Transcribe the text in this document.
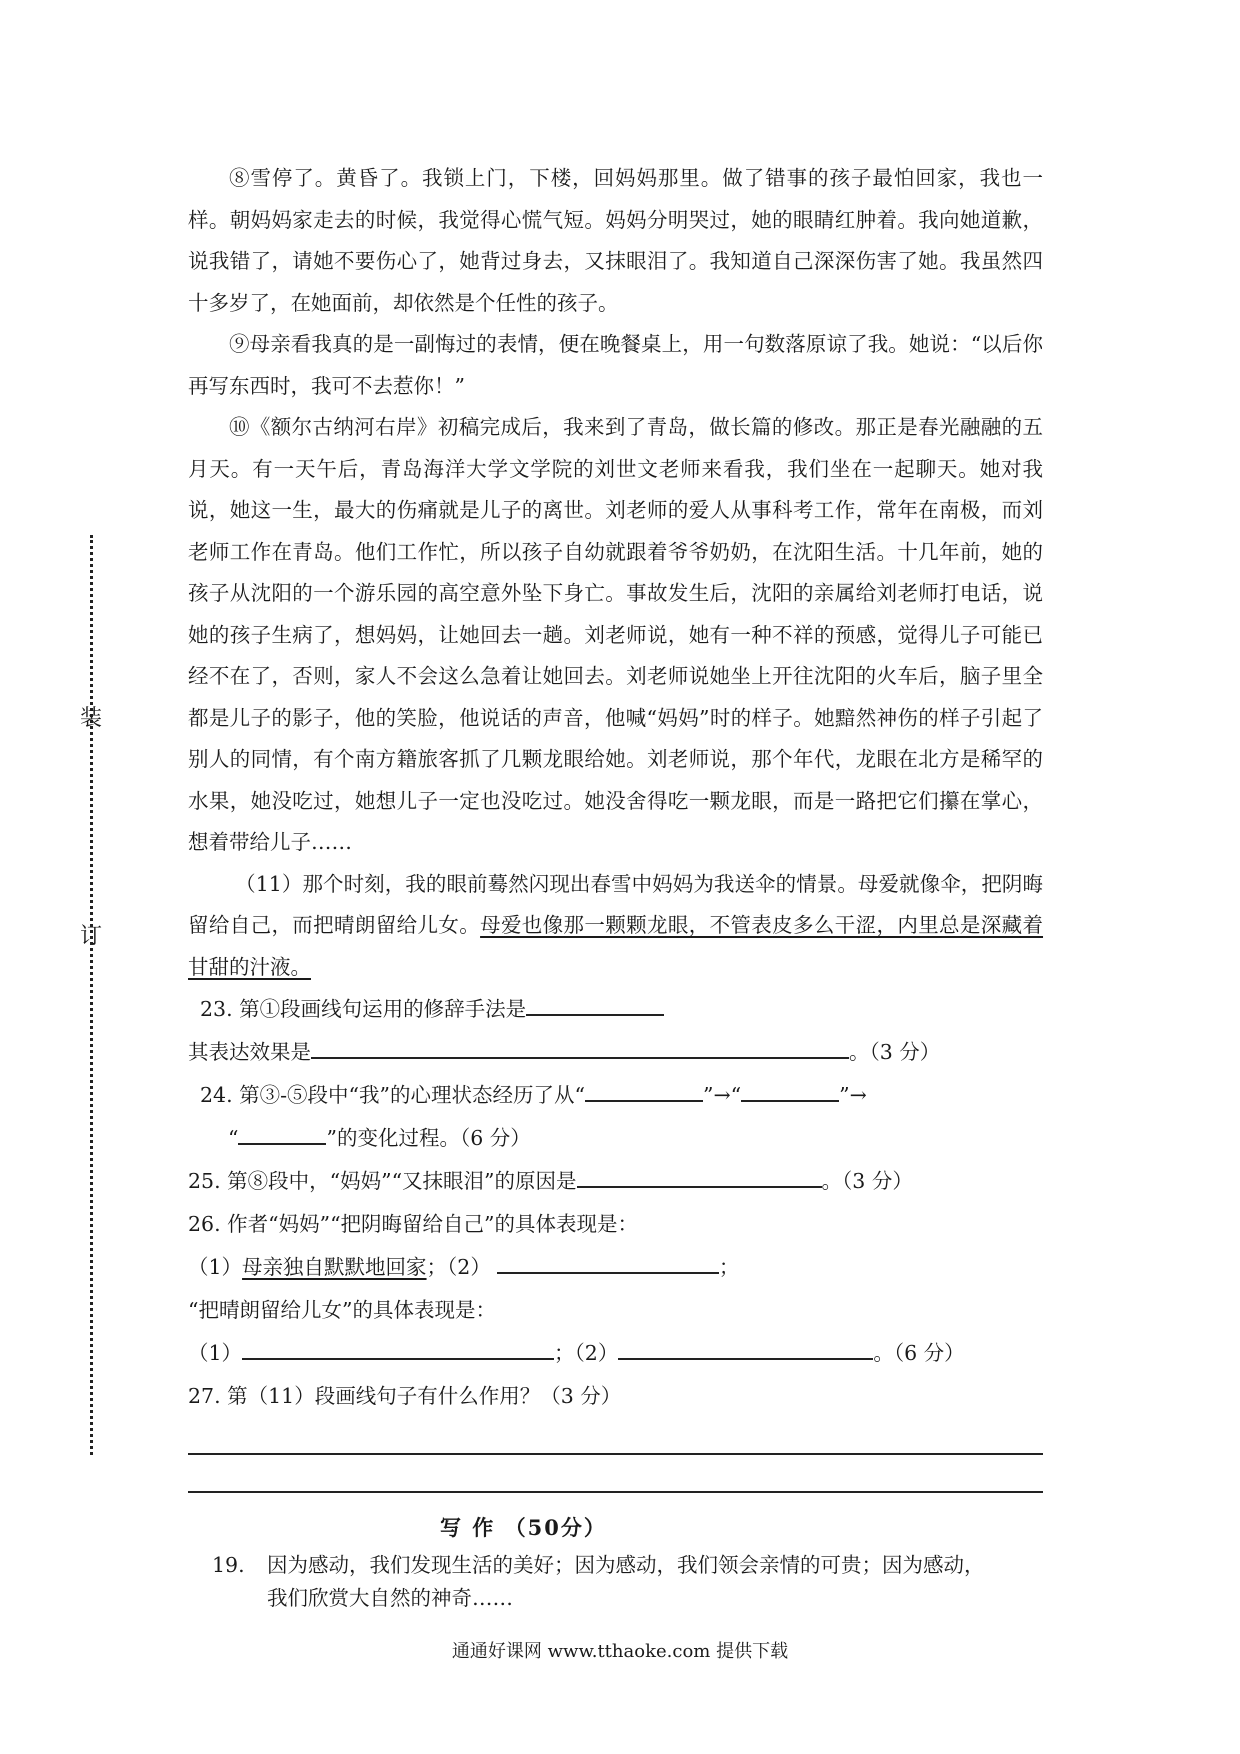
装
订

⑧雪停了。黄昏了。我锁上门，下楼，回妈妈那里。做了错事的孩子最怕回家，我也一样。朝妈妈家走去的时候，我觉得心慌气短。妈妈分明哭过，她的眼睛红肿着。我向她道歉，说我错了，请她不要伤心了，她背过身去，又抹眼泪了。我知道自己深深伤害了她。我虽然四十多岁了，在她面前，却依然是个任性的孩子。

⑨母亲看我真的是一副悔过的表情，便在晚餐桌上，用一句数落原谅了我。她说：“以后你再写东西时，我可不去惹你！”

⑩《额尔古纳河右岸》初稿完成后，我来到了青岛，做长篇的修改。那正是春光融融的五月天。有一天午后，青岛海洋大学文学院的刘世文老师来看我，我们坐在一起聊天。她对我说，她这一生，最大的伤痛就是儿子的离世。刘老师的爱人从事科考工作，常年在南极，而刘老师工作在青岛。他们工作忙，所以孩子自幼就跟着爷爷奶奶，在沈阳生活。十几年前，她的孩子从沈阳的一个游乐园的高空意外坠下身亡。事故发生后，沈阳的亲属给刘老师打电话，说她的孩子生病了，想妈妈，让她回去一趟。刘老师说，她有一种不祥的预感，觉得儿子可能已经不在了，否则，家人不会这么急着让她回去。刘老师说她坐上开往沈阳的火车后，脑子里全都是儿子的影子，他的笑脸，他说话的声音，他喊“妈妈”时的样子。她黯然神伤的样子引起了别人的同情，有个南方籍旅客抓了几颗龙眼给她。刘老师说，那个年代，龙眼在北方是稀罕的水果，她没吃过，她想儿子一定也没吃过。她没舍得吃一颗龙眼，而是一路把它们攥在掌心，想着带给儿子……

（11）那个时刻，我的眼前蓦然闪现出春雪中妈妈为我送伞的情景。母爱就像伞，把阴晦留给自己，而把晴朗留给儿女。母爱也像那一颗颗龙眼，不管表皮多么干涩，内里总是深藏着甘甜的汁液。

23. 第①段画线句运用的修辞手法是

其表达效果是	。（3 分）

24. 第③-⑤段中“我”的心理状态经历了从“	”→“	”→

“	”的变化过程。（6 分）

25. 第⑧段中，“妈妈”“又抹眼泪”的原因是	。（3 分）

26. 作者“妈妈”“把阴晦留给自己”的具体表现是：

（1）母亲独自默默地回家；（2）	；

“把晴朗留给儿女”的具体表现是：

（1）	；（2）	。（6 分）

27. 第（11）段画线句子有什么作用？（3 分）

写 作 （50分）
19. 因为感动，我们发现生活的美好；因为感动，我们领会亲情的可贵；因为感动，
我们欣赏大自然的神奇……
通通好课网 www.tthaoke.com 提供下载
